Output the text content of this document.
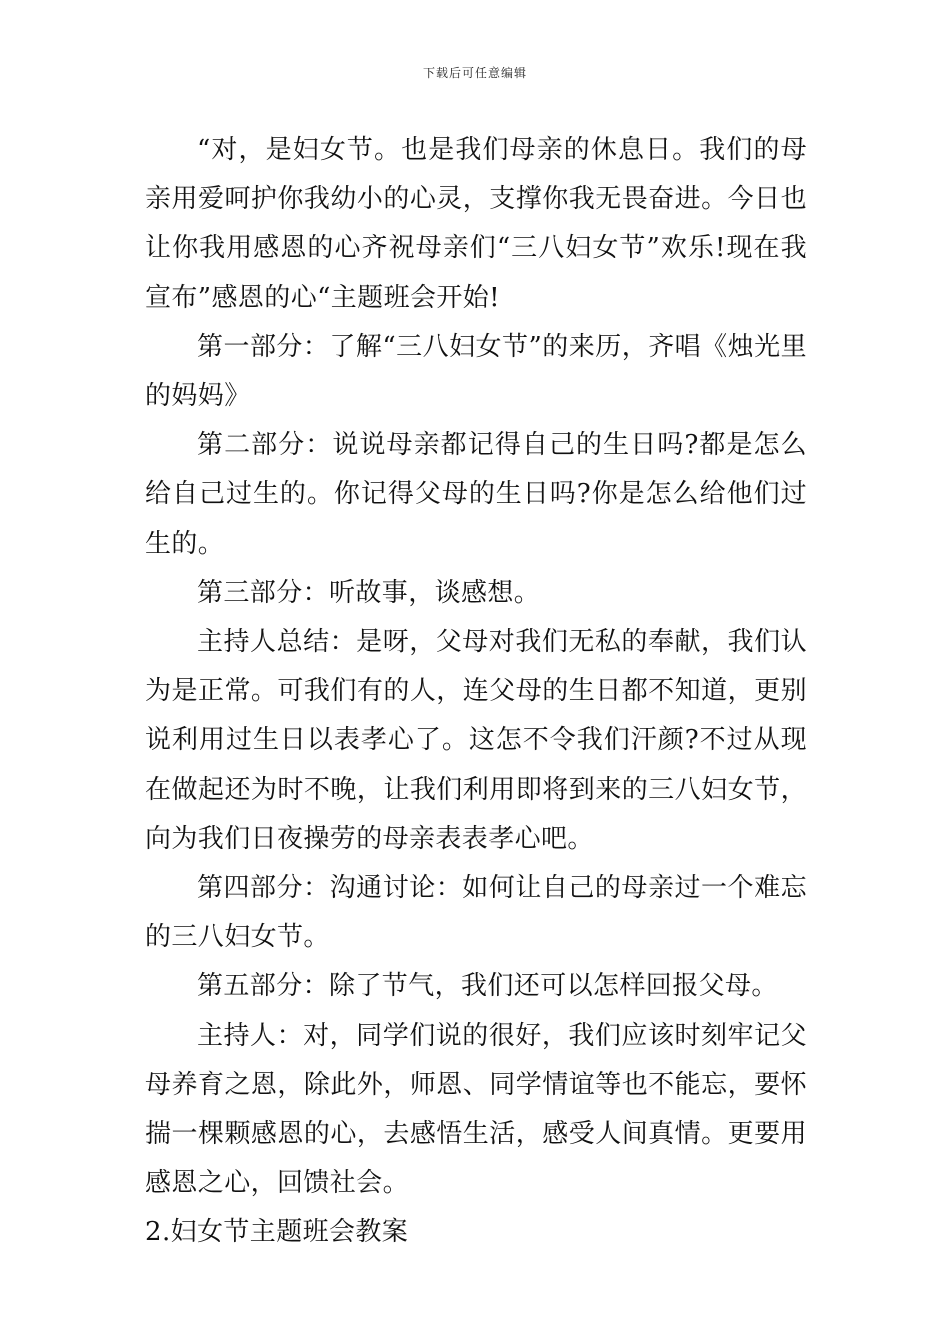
下载后可任意编辑

“对，是妇女节。也是我们母亲的休息日。我们的母亲用爱呵护你我幼小的心灵，支撑你我无畏奋进。今日也让你我用感恩的心齐祝母亲们“三八妇女节”欢乐!现在我宣布”感恩的心“主题班会开始!

第一部分：了解“三八妇女节”的来历，齐唱《烛光里的妈妈》

第二部分：说说母亲都记得自己的生日吗?都是怎么给自己过生的。你记得父母的生日吗?你是怎么给他们过生的。

第三部分：听故事，谈感想。

主持人总结：是呀，父母对我们无私的奉献，我们认为是正常。可我们有的人，连父母的生日都不知道，更别说利用过生日以表孝心了。这怎不令我们汗颜?不过从现在做起还为时不晚，让我们利用即将到来的三八妇女节，向为我们日夜操劳的母亲表表孝心吧。

第四部分：沟通讨论：如何让自己的母亲过一个难忘的三八妇女节。

第五部分：除了节气，我们还可以怎样回报父母。

主持人：对，同学们说的很好，我们应该时刻牢记父母养育之恩，除此外，师恩、同学情谊等也不能忘，要怀揣一棵颗感恩的心，去感悟生活，感受人间真情。更要用感恩之心，回馈社会。

2.妇女节主题班会教案
